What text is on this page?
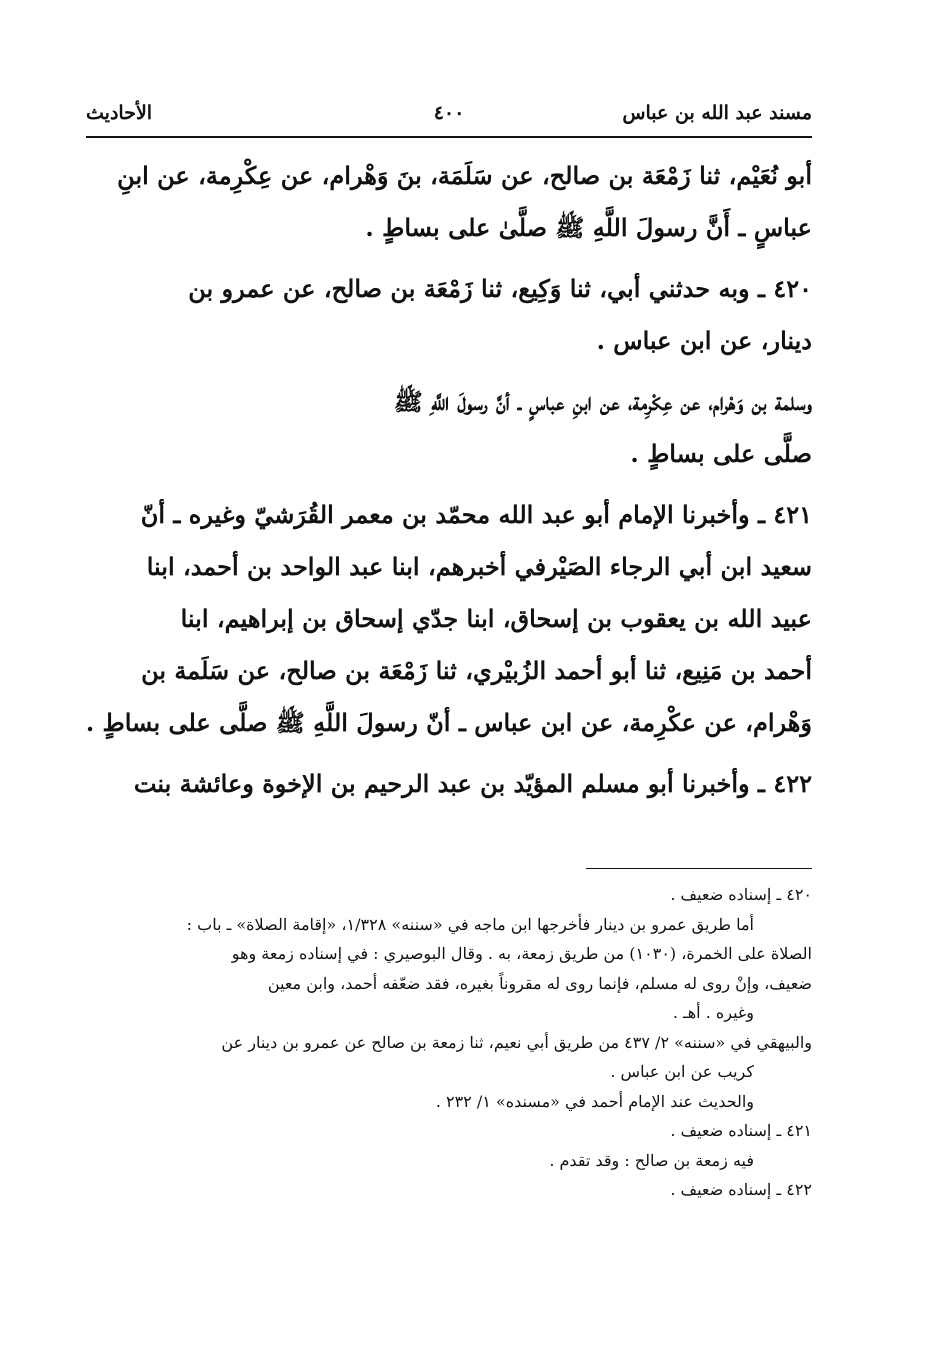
مسند عبد الله بن عباس
٤٠٠
الأحاديث
أبو نُعَيْم، ثنا زَمْعَة بن صالح، عن سَلَمَة، بنَ وَهْرام، عن عِكْرِمة، عن ابنِ
عباسٍ ـ أَنَّ رسولَ اللَّهِ ﷺ صلَّىٰ على بساطٍ .
٤٢٠ ـ وبه حدثني أبي، ثنا وَكِيع، ثنا زَمْعَة بن صالح، عن عمرو بن
دينار، عن ابن عباس .
وسلمة بن وَهْرام، عن عِكْرِمة، عن ابنِ عباسٍ ـ أنَّ رسولَ اللَّهِ ﷺ
صلَّى على بساطٍ .
٤٢١ ـ وأخبرنا الإمام أبو عبد الله محمّد بن معمر القُرَشيّ وغيره ـ أنّ
سعيد ابن أبي الرجاء الصَيْرفي أخبرهم، ابنا عبد الواحد بن أحمد، ابنا
عبيد الله بن يعقوب بن إسحاق، ابنا جدّي إسحاق بن إبراهيم، ابنا
أحمد بن مَنِيع، ثنا أبو أحمد الزُبيْري، ثنا زَمْعَة بن صالح، عن سَلَمة بن
وَهْرام، عن عكْرِمة، عن ابن عباس ـ أنّ رسولَ اللَّهِ ﷺ صلَّى على بساطٍ .
٤٢٢ ـ وأخبرنا أبو مسلم المؤيّد بن عبد الرحيم بن الإخوة وعائشة بنت
٤٢٠ ـ إسناده ضعيف .
أما طريق عمرو بن دينار فأخرجها ابن ماجه في «سننه» ١/٣٢٨، «إقامة الصلاة» ـ باب :
الصلاة على الخمرة، (١٠٣٠) من طريق زمعة، به . وقال البوصيري : في إسناده زمعة وهو
ضعيف، وإنْ روى له مسلم، فإنما روى له مقروناً بغيره، فقد ضعّفه أحمد، وابن معين
وغيره . أهـ .
والبيهقي في «سننه» ٢/ ٤٣٧ من طريق أبي نعيم، ثنا زمعة بن صالح عن عمرو بن دينار عن
كريب عن ابن عباس .
والحديث عند الإمام أحمد في «مسنده» ١/ ٢٣٢ .
٤٢١ ـ إسناده ضعيف .
فيه زمعة بن صالح : وقد تقدم .
٤٢٢ ـ إسناده ضعيف .
